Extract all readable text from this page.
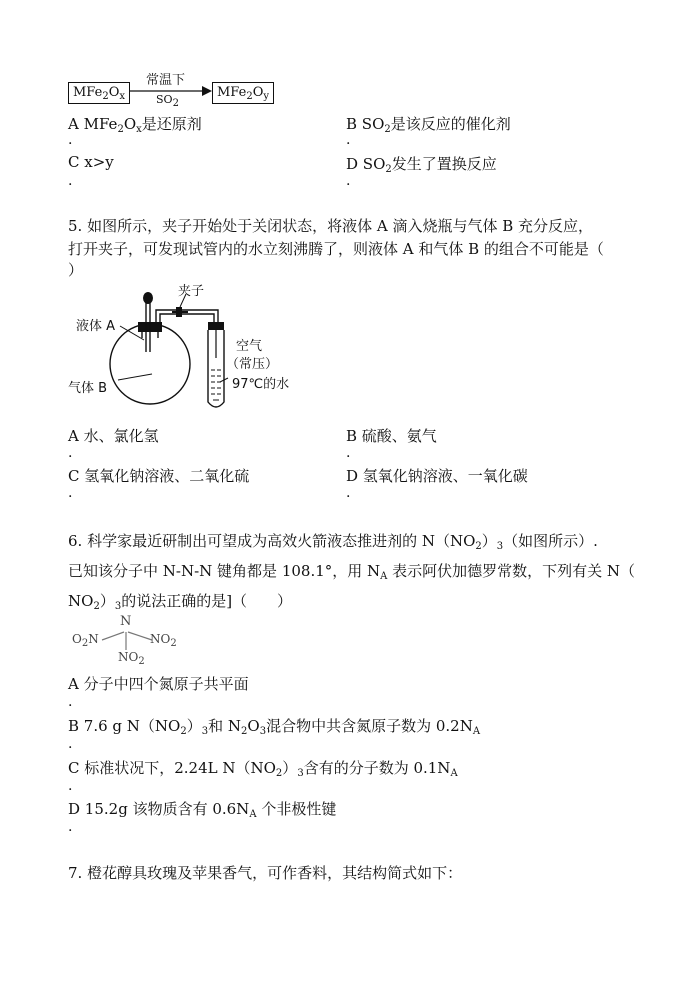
$MFe_2O_x$
常温下
$SO_2$
$MFe_2O_y$
A $MFe_2O_x$是还原剂	B $SO_2$是该反应的催化剂
.	.
C x>y	D $SO_2$发生了置换反应
.	.
5. 如图所示，夹子开始处于关闭状态，将液体 A 滴入烧瓶与气体 B 充分反应，
打开夹子，可发现试管内的水立刻沸腾了，则液体 A 和气体 B 的组合不可能是（
）
夹子
液体 A
空气
（常压）
97℃的水
气体 B
A 水、氯化氢	B 硫酸、氨气
.	.
C 氢氧化钠溶液、二氧化硫	D 氢氧化钠溶液、一氧化碳
.	.
6. 科学家最近研制出可望成为高效火箭液态推进剂的 $N(NO_2)_3$（如图所示）.
已知该分子中 N-N-N 键角都是 108.1°，用 $N_A$ 表示阿伏加德罗常数，下列有关 N（
$NO_2)_3$的说法正确的是]（　　）
N
$O_2N$	$NO_2$
$NO_2$
A 分子中四个氮原子共平面
.
B 7.6 g $N(NO_2)_3$和 $N_2O_3$混合物中共含氮原子数为 $0.2N_A$
.
C 标准状况下，2.24L $N(NO_2)_3$含有的分子数为 $0.1N_A$
.
D 15.2g 该物质含有 $0.6N_A$ 个非极性键
.
7. 橙花醇具玫瑰及苹果香气，可作香料，其结构简式如下：
